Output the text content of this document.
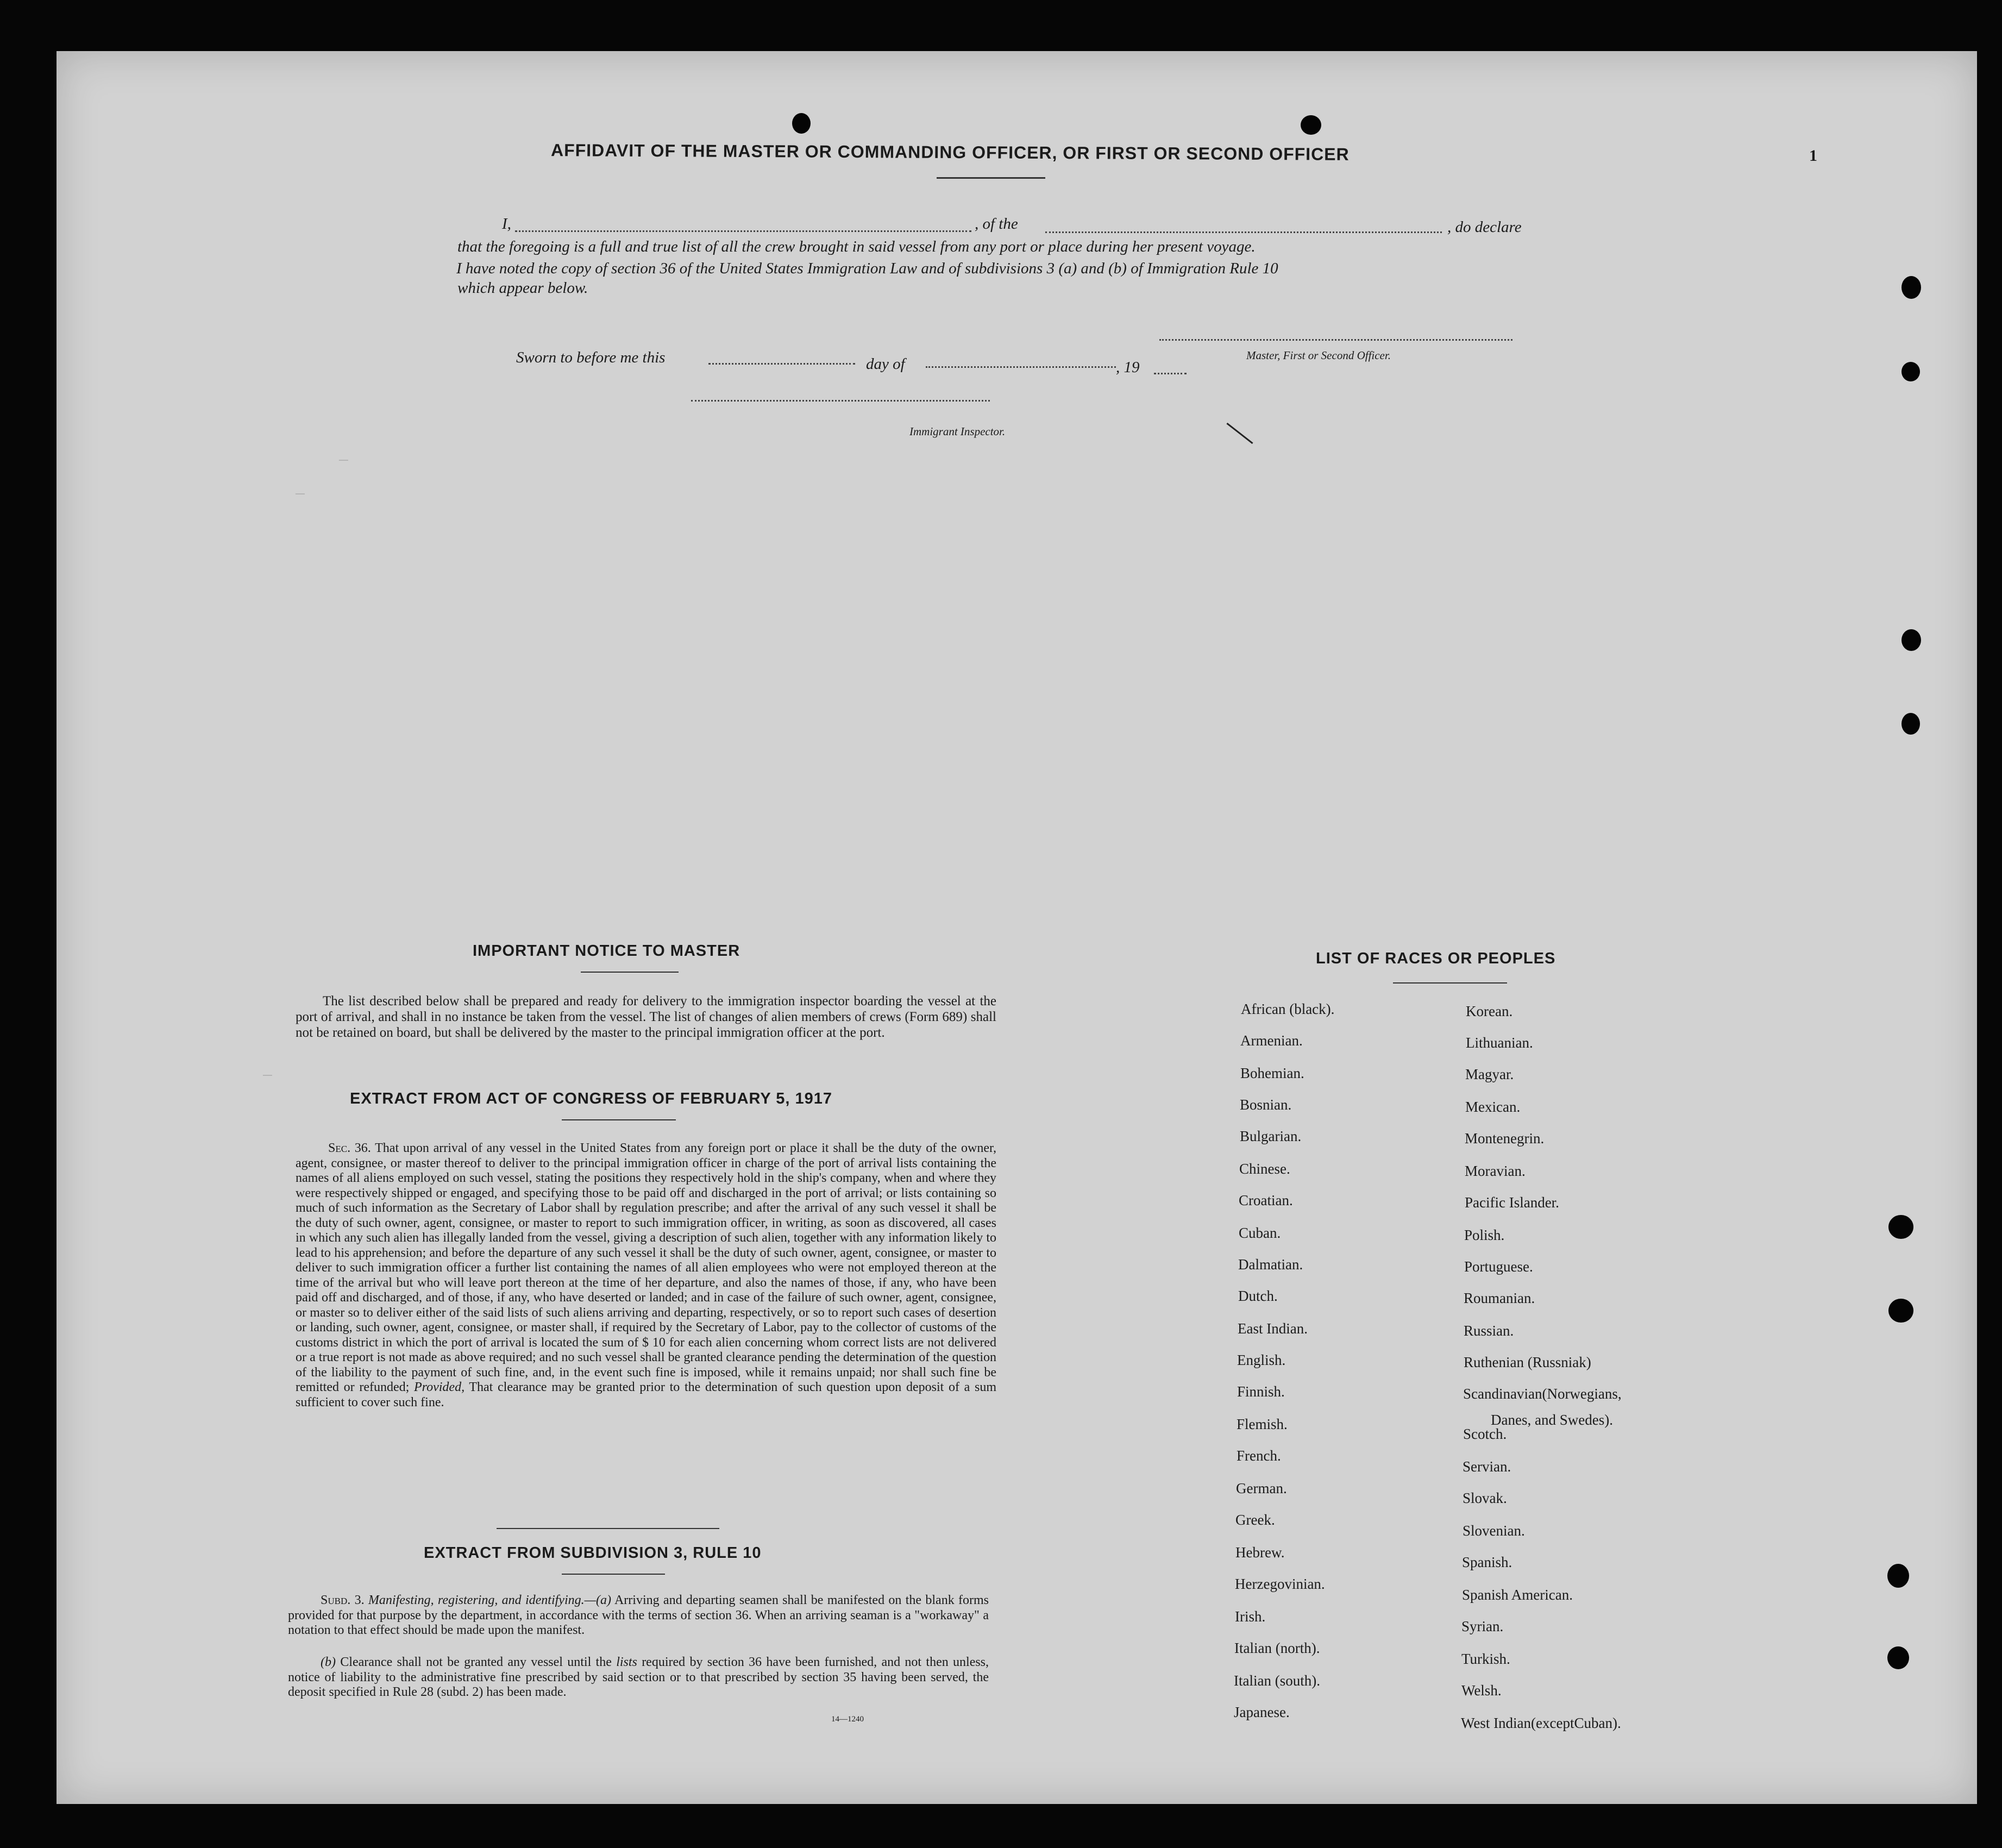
—
—
—
1
AFFIDAVIT OF THE MASTER OR COMMANDING OFFICER, OR FIRST OR SECOND OFFICER
I,	, of the	, do declare
that the foregoing is a full and true list of all the crew brought in said vessel from any port or place during her present voyage.
I have noted the copy of section 36 of the United States Immigration Law and of subdivisions 3 (a) and (b) of Immigration Rule 10
which appear below.
Master, First or Second Officer.
Sworn to before me this	day of	, 19
Immigrant Inspector.
IMPORTANT NOTICE TO MASTER
The list described below shall be prepared and ready for delivery to the immigration inspector boarding the vessel at the port of arrival, and shall in no instance be taken from the vessel. The list of changes of alien members of crews (Form 689) shall not be retained on board, but shall be delivered by the master to the principal immigration officer at the port.
EXTRACT FROM ACT OF CONGRESS OF FEBRUARY 5, 1917
Sec. 36. That upon arrival of any vessel in the United States from any foreign port or place it shall be the duty of the owner, agent, consignee, or master thereof to deliver to the principal immigration officer in charge of the port of arrival lists containing the names of all aliens employed on such vessel, stating the positions they respectively hold in the ship's company, when and where they were respectively shipped or engaged, and specifying those to be paid off and discharged in the port of arrival; or lists containing so much of such information as the Secretary of Labor shall by regulation prescribe; and after the arrival of any such vessel it shall be the duty of such owner, agent, consignee, or master to report to such immigration officer, in writing, as soon as discovered, all cases in which any such alien has illegally landed from the vessel, giving a description of such alien, together with any information likely to lead to his apprehension; and before the departure of any such vessel it shall be the duty of such owner, agent, consignee, or master to deliver to such immigration officer a further list containing the names of all alien employees who were not employed thereon at the time of the arrival but who will leave port thereon at the time of her departure, and also the names of those, if any, who have been paid off and discharged, and of those, if any, who have deserted or landed; and in case of the failure of such owner, agent, consignee, or master so to deliver either of the said lists of such aliens arriving and departing, respectively, or so to report such cases of desertion or landing, such owner, agent, consignee, or master shall, if required by the Secretary of Labor, pay to the collector of customs of the customs district in which the port of arrival is located the sum of $ 10 for each alien concerning whom correct lists are not delivered or a true report is not made as above required; and no such vessel shall be granted clearance pending the determination of the question of the liability to the payment of such fine, and, in the event such fine is imposed, while it remains unpaid; nor shall such fine be remitted or refunded; Provided, That clearance may be granted prior to the determination of such question upon deposit of a sum sufficient to cover such fine.
EXTRACT FROM SUBDIVISION 3, RULE 10
Subd. 3. Manifesting, registering, and identifying.—(a) Arriving and departing seamen shall be manifested on the blank forms provided for that purpose by the department, in accordance with the terms of section 36. When an arriving seaman is a "workaway" a notation to that effect should be made upon the manifest.
(b) Clearance shall not be granted any vessel until the lists required by section 36 have been furnished, and not then unless, notice of liability to the administrative fine prescribed by said section or to that prescribed by section 35 having been served, the deposit specified in Rule 28 (subd. 2) has been made.
14—1240
LIST OF RACES OR PEOPLES
Danes, and Swedes).
African (black).
Armenian.
Bohemian.
Bosnian.
Bulgarian.
Chinese.
Croatian.
Cuban.
Dalmatian.
Dutch.
East Indian.
English.
Finnish.
Flemish.
French.
German.
Greek.
Hebrew.
Herzegovinian.
Irish.
Italian (north).
Italian (south).
Japanese.
Korean.
Lithuanian.
Magyar.
Mexican.
Montenegrin.
Moravian.
Pacific Islander.
Polish.
Portuguese.
Roumanian.
Russian.
Ruthenian (Russniak)
Scandinavian(Norwegians,
Scotch.
Servian.
Slovak.
Slovenian.
Spanish.
Spanish American.
Syrian.
Turkish.
Welsh.
West Indian(exceptCuban).
